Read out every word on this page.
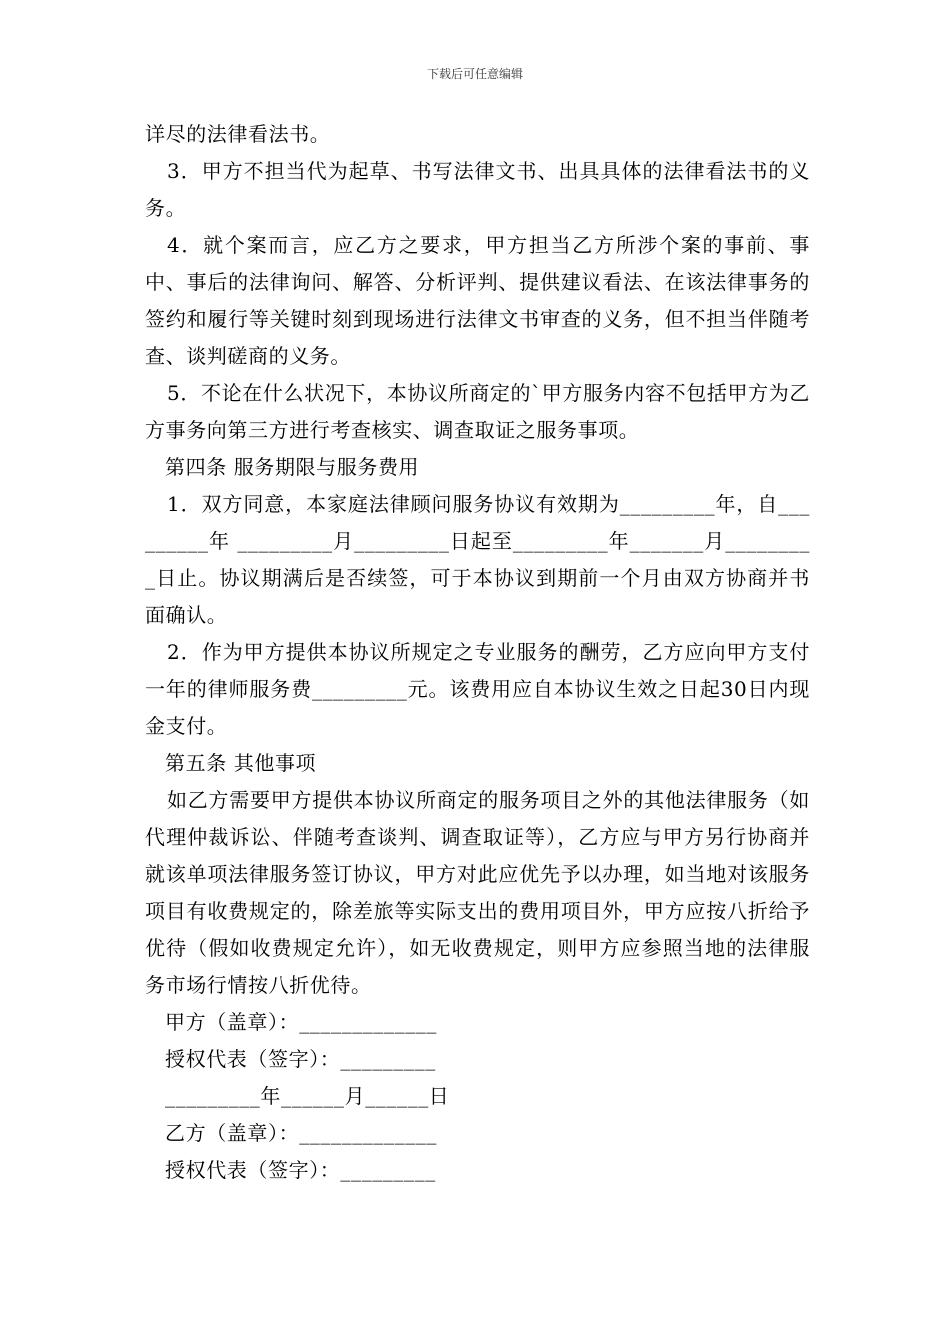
下载后可任意编辑

详尽的法律看法书。

3．甲方不担当代为起草、书写法律文书、出具具体的法律看法书的义务。

4．就个案而言，应乙方之要求，甲方担当乙方所涉个案的事前、事中、事后的法律询问、解答、分析评判、提供建议看法、在该法律事务的签约和履行等关键时刻到现场进行法律文书审查的义务，但不担当伴随考查、谈判磋商的义务。

5．不论在什么状况下，本协议所商定的`甲方服务内容不包括甲方为乙方事务向第三方进行考查核实、调查取证之服务事项。

第四条 服务期限与服务费用

1．双方同意，本家庭法律顾问服务协议有效期为_________年，自_________年 _________月_________日起至_________年_______月_________日止。协议期满后是否续签，可于本协议到期前一个月由双方协商并书面确认。

2．作为甲方提供本协议所规定之专业服务的酬劳，乙方应向甲方支付一年的律师服务费_________元。该费用应自本协议生效之日起30日内现金支付。

第五条 其他事项

如乙方需要甲方提供本协议所商定的服务项目之外的其他法律服务（如代理仲裁诉讼、伴随考查谈判、调查取证等），乙方应与甲方另行协商并就该单项法律服务签订协议，甲方对此应优先予以办理，如当地对该服务项目有收费规定的，除差旅等实际支出的费用项目外，甲方应按八折给予优待（假如收费规定允许），如无收费规定，则甲方应参照当地的法律服务市场行情按八折优待。

甲方（盖章）：_____________

授权代表（签字）：_________

_________年______月______日

乙方（盖章）：_____________

授权代表（签字）：_________
